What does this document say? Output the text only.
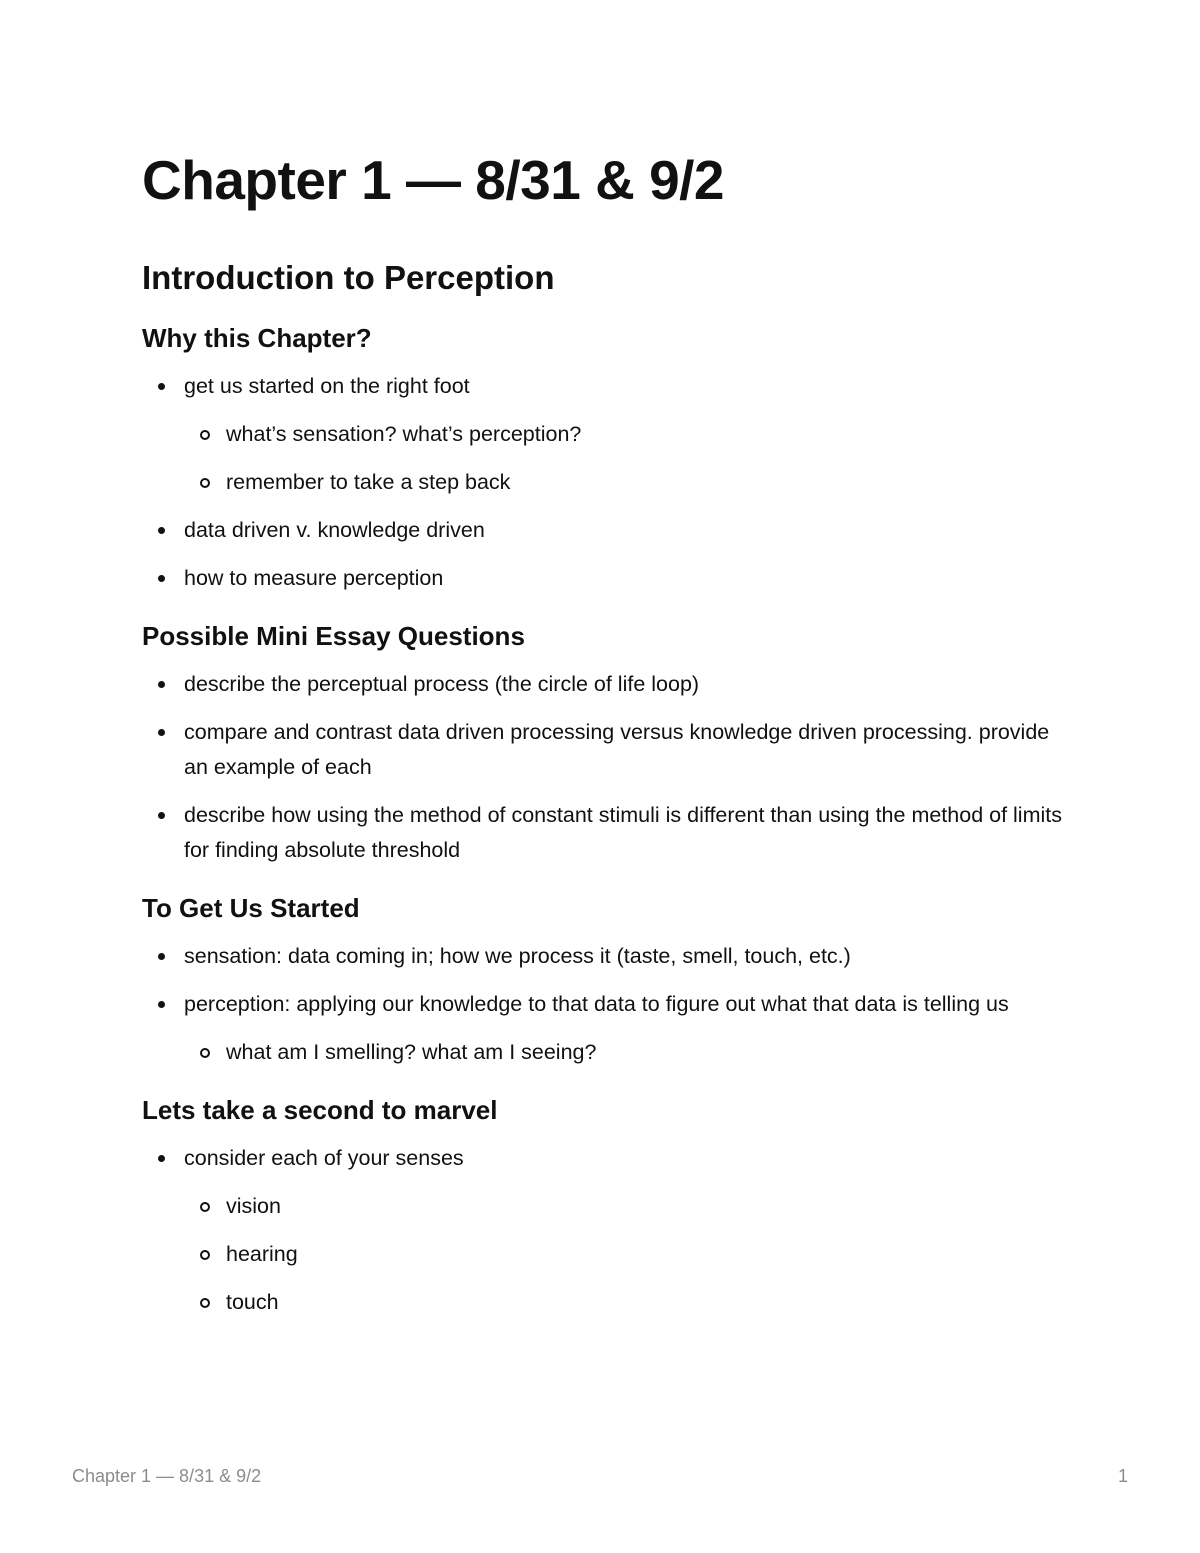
Chapter 1 — 8/31 & 9/2
Introduction to Perception
Why this Chapter?
get us started on the right foot
what’s sensation? what’s perception?
remember to take a step back
data driven v. knowledge driven
how to measure perception
Possible Mini Essay Questions
describe the perceptual process (the circle of life loop)
compare and contrast data driven processing versus knowledge driven processing. provide an example of each
describe how using the method of constant stimuli is different than using the method of limits for finding absolute threshold
To Get Us Started
sensation: data coming in; how we process it (taste, smell, touch, etc.)
perception: applying our knowledge to that data to figure out what that data is telling us
what am I smelling? what am I seeing?
Lets take a second to marvel
consider each of your senses
vision
hearing
touch
Chapter 1 — 8/31 & 9/2	1
